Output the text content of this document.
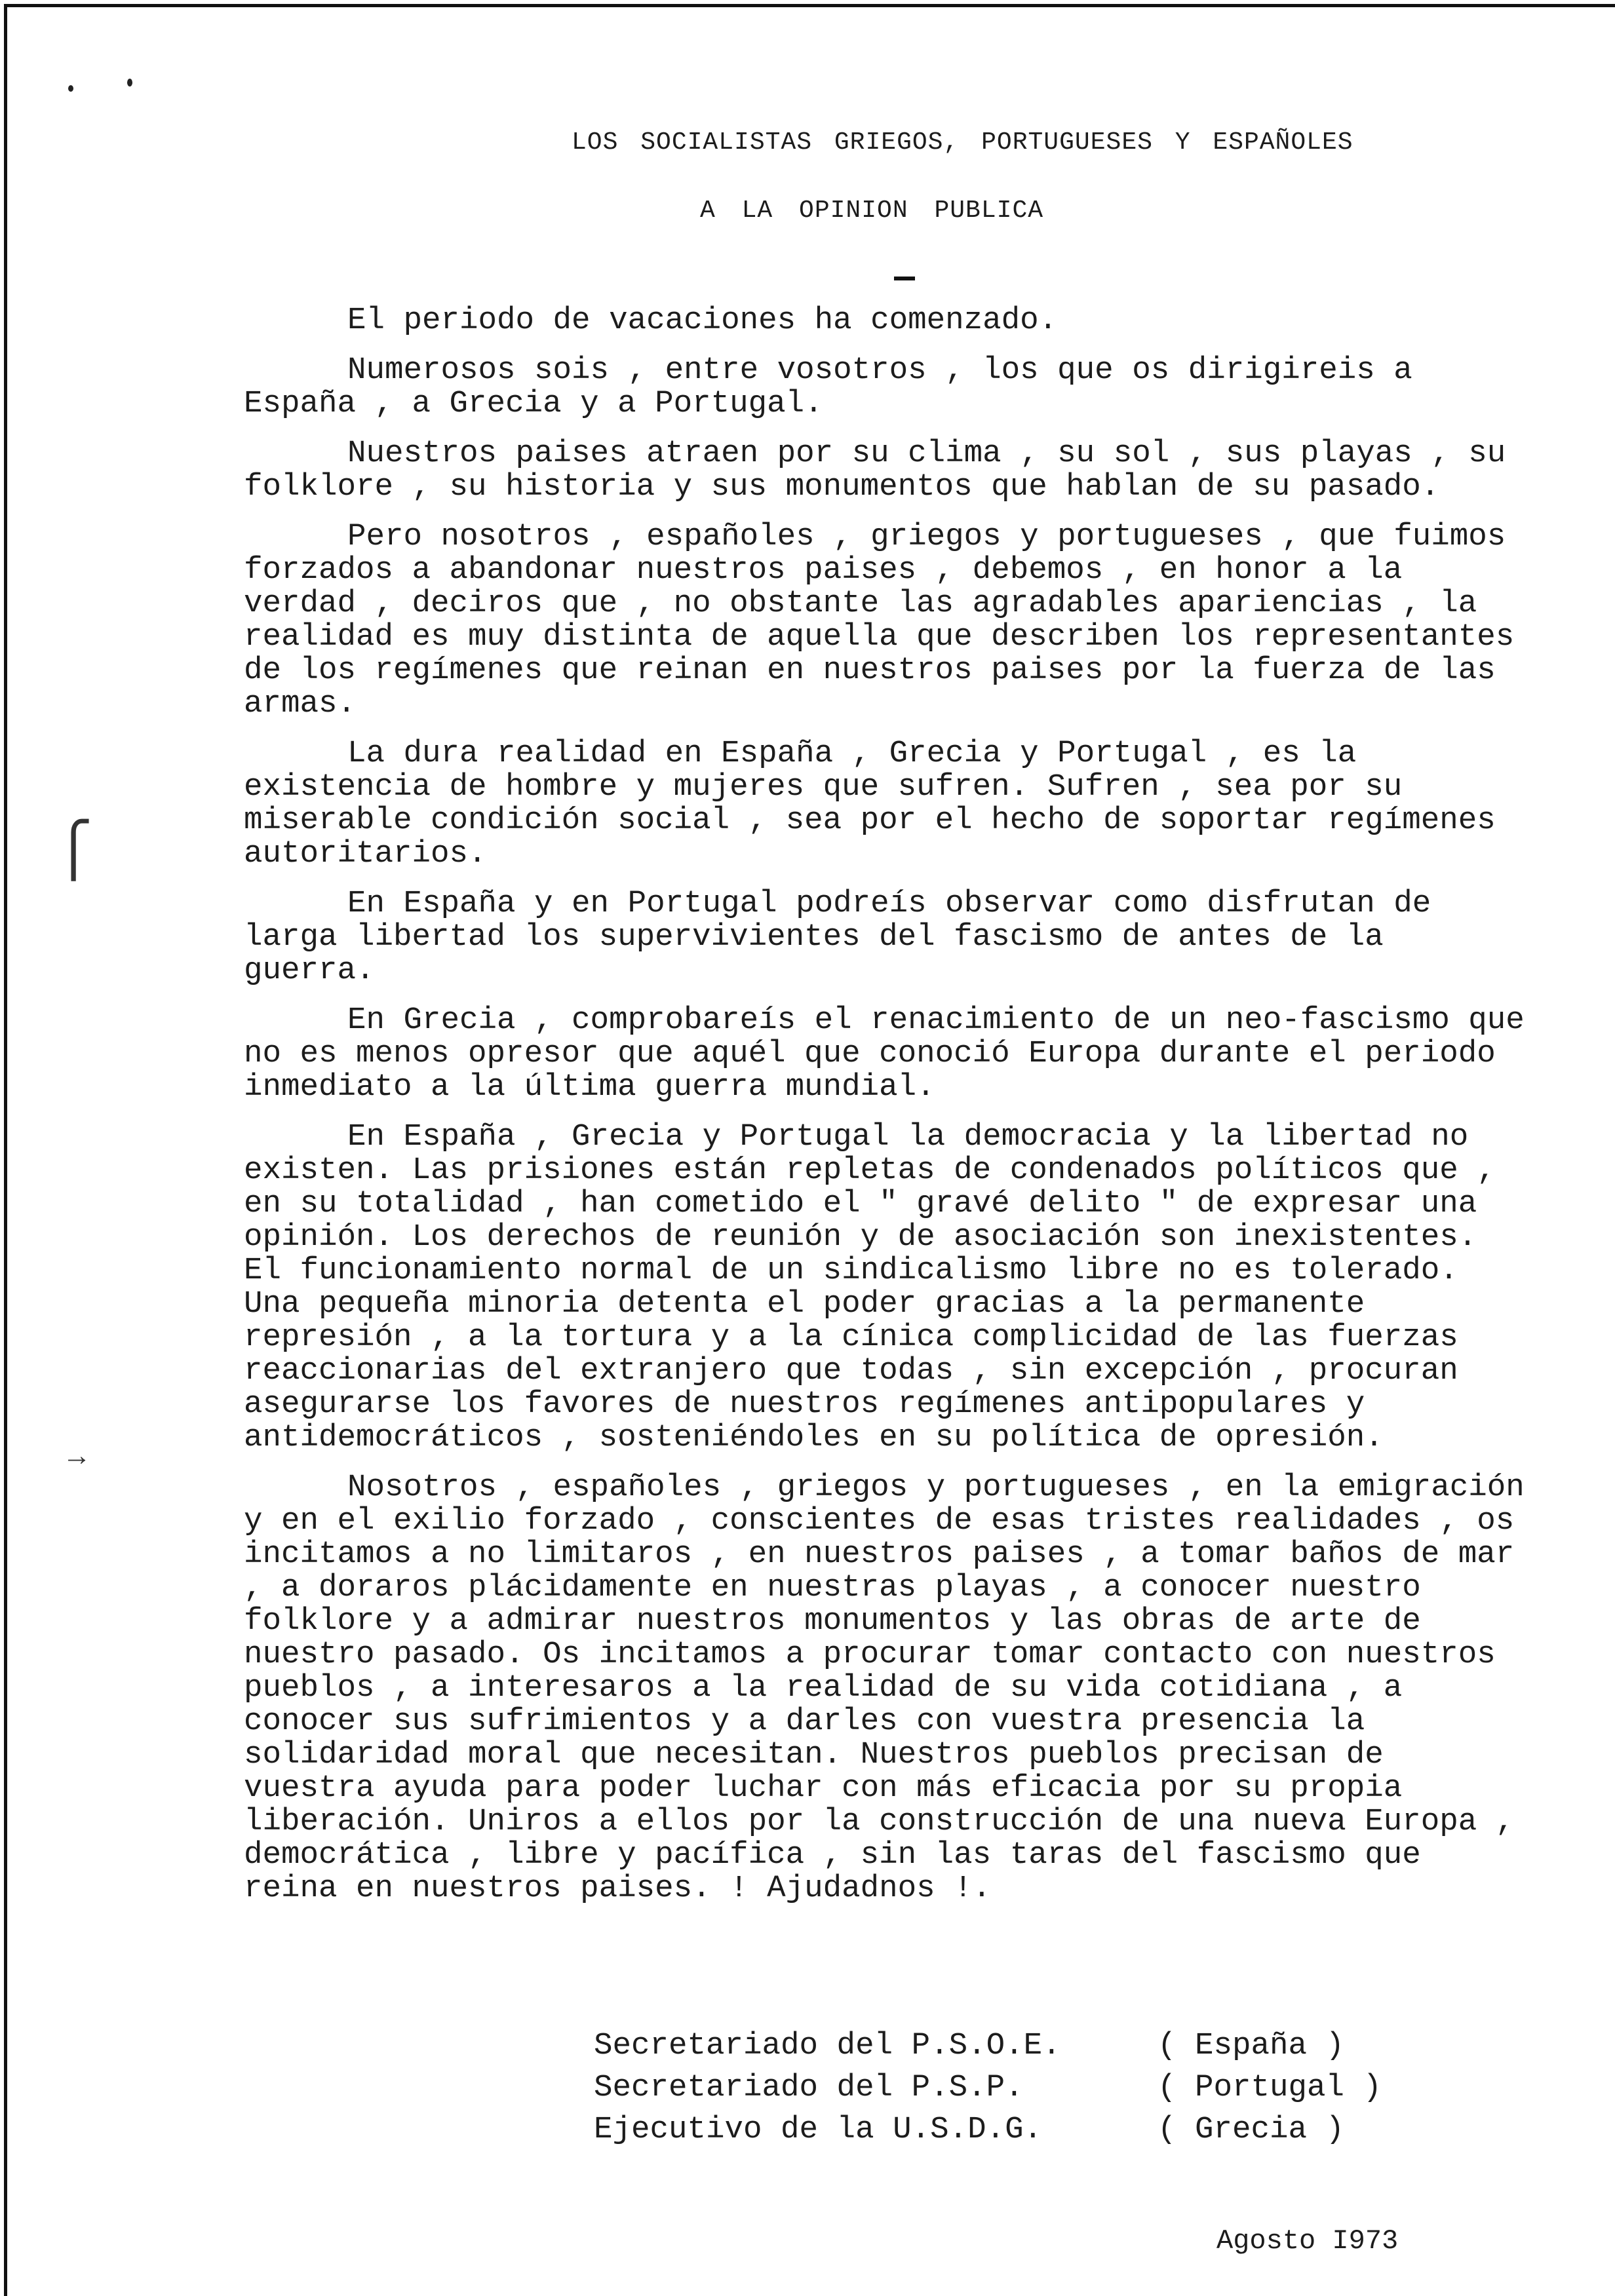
⎧
→
LOS SOCIALISTAS GRIEGOS, PORTUGUESES Y ESPAÑOLES
A LA OPINION PUBLICA

El periodo de vacaciones ha comenzado.

Numerosos sois , entre vosotros , los que os dirigireis a España , a Grecia y a Portugal.

Nuestros paises atraen por su clima , su sol , sus playas , su folklore , su historia y sus monumentos que hablan de su pasado.

Pero nosotros , españoles , griegos y portugueses , que fuimos forzados a abandonar nuestros paises , debemos , en honor a la verdad , deciros que , no obstante las agradables apariencias , la realidad es muy distinta de aquella que describen los representantes de los regímenes que reinan en nuestros paises por la fuerza de las armas.

La dura realidad en España , Grecia y Portugal , es la existencia de hombre y mujeres que sufren. Sufren , sea por su miserable condición social , sea por el hecho de soportar regímenes autoritarios.

En España y en Portugal podreís observar como disfrutan de larga libertad los supervivientes del fascismo de antes de la guerra.

En Grecia , comprobareís el renacimiento de un neo-fascismo que no es menos opresor que aquél que conoció Europa durante el periodo inmediato a la última guerra mundial.

En España , Grecia y Portugal la democracia y la libertad no existen. Las prisiones están repletas de condenados políticos que , en su totalidad , han cometido el " gravé delito " de expresar una opinión. Los derechos de reunión y de asociación son inexistentes. El funcionamiento normal de un sindicalismo libre no es tolerado. Una pequeña minoria detenta el poder gracias a la permanente represión , a la tortura y a la cínica complicidad de las fuerzas reaccionarias del extranjero que todas , sin excepción , procuran asegurarse los favores de nuestros regímenes antipopulares y antidemocráticos , sosteniéndoles en su política de opresión.

Nosotros , españoles , griegos y portugueses , en la emigración y en el exilio forzado , conscientes de esas tristes realidades , os incitamos a no limitaros , en nuestros paises , a tomar baños de mar , a doraros plácidamente en nuestras playas , a conocer nuestro folklore y a admirar nuestros monumentos y las obras de arte de nuestro pasado. Os incitamos a procurar tomar contacto con nuestros pueblos , a interesaros a la realidad de su vida cotidiana , a conocer sus sufrimientos y a darles con vuestra presencia la solidaridad moral que necesitan. Nuestros pueblos precisan de vuestra ayuda para poder luchar con más eficacia por su propia liberación. Uniros a ellos por la construcción de una nueva Europa , democrática , libre y pacífica , sin las taras del fascismo que reina en nuestros paises. ! Ajudadnos !.

Secretariado del P.S.O.E.	( España )
Secretariado del P.S.P.	( Portugal )
Ejecutivo de la U.S.D.G.	( Grecia )
Agosto I973
